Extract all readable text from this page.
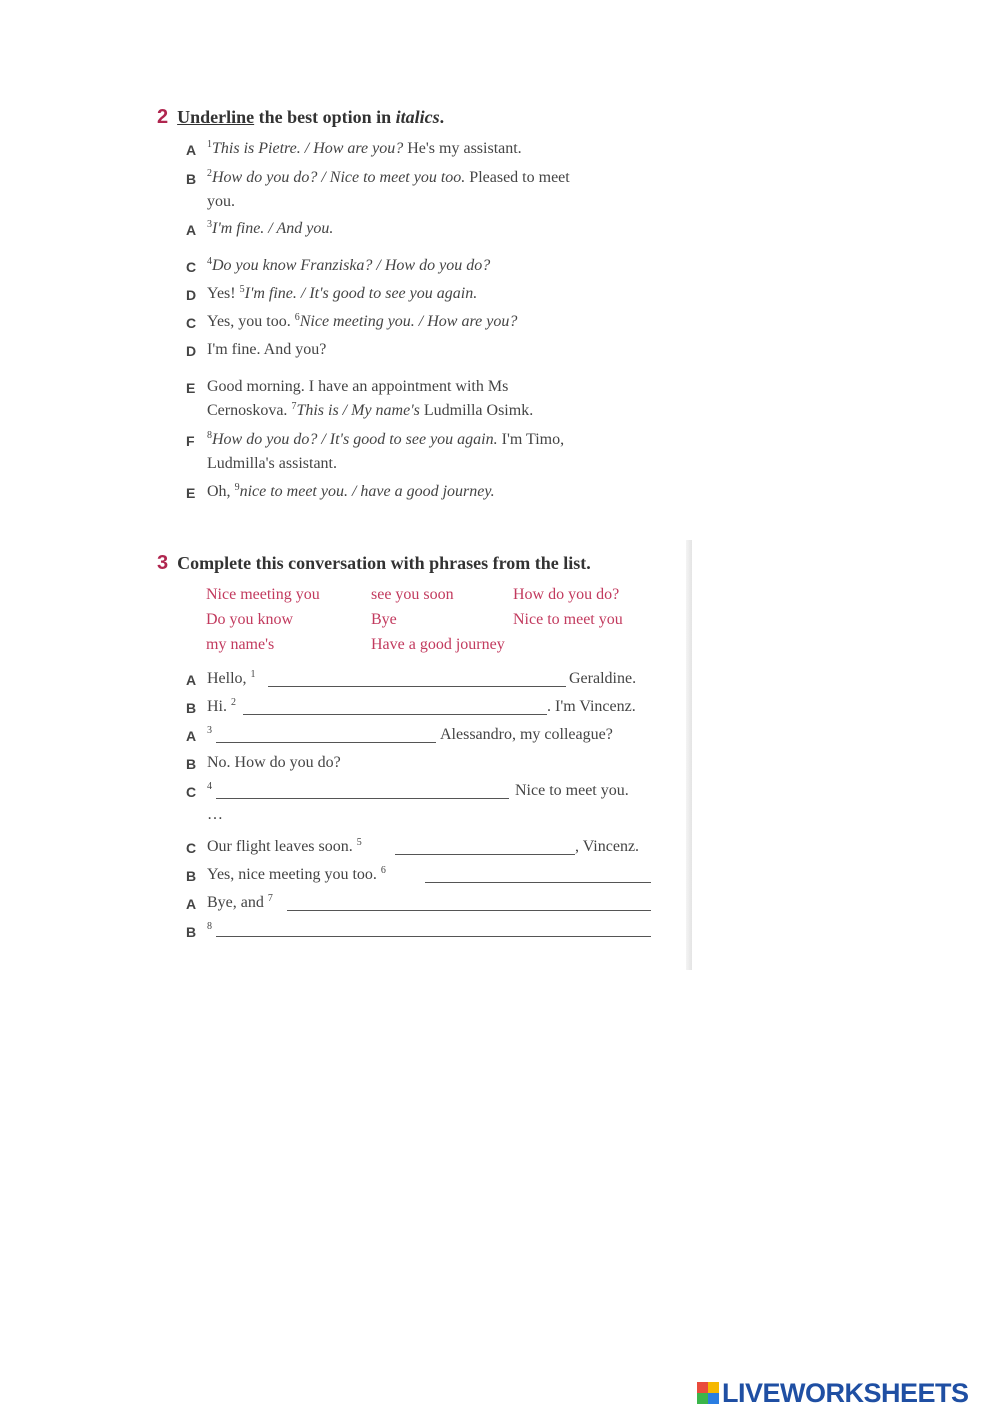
2 Underline the best option in italics.
A $^1$This is Pietre. / How are you? He's my assistant.
B $^2$How do you do? / Nice to meet you too. Pleased to meet
you.
A $^3$I'm fine. / And you.
C $^4$Do you know Franziska? / How do you do?
D Yes! $^5$I'm fine. / It's good to see you again.
C Yes, you too. $^6$Nice meeting you. / How are you?
D I'm fine. And you?
E Good morning. I have an appointment with Ms
Cernoskova. $^7$This is / My name's Ludmilla Osimk.
F $^8$How do you do? / It's good to see you again. I'm Timo,
Ludmilla's assistant.
E Oh, $^9$nice to meet you. / have a good journey.
3 Complete this conversation with phrases from the list.
Nice meeting you	see you soon	How do you do?
Do you know	Bye	Nice to meet you
my name's	Have a good journey
A Hello, $^1$	Geraldine.
B Hi. $^2$	. I'm Vincenz.
A $^3$	Alessandro, my colleague?
B No. How do you do?
C $^4$	Nice to meet you.
…
C Our flight leaves soon. $^5$	, Vincenz.
B Yes, nice meeting you too. $^6$
A Bye, and $^7$
B $^8$
LIVEWORKSHEETS
